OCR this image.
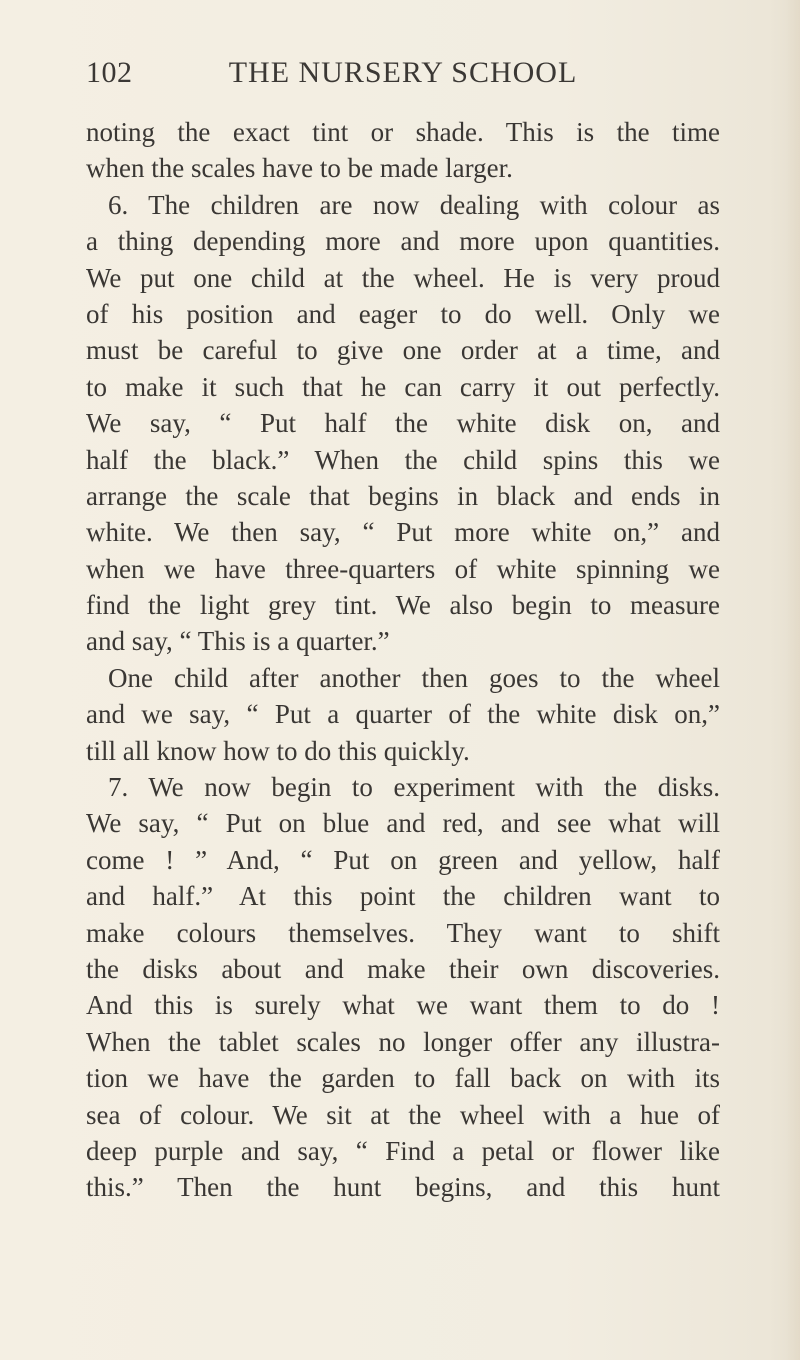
102	THE NURSERY SCHOOL
noting the exact tint or shade. This is the time
when the scales have to be made larger.
6. The children are now dealing with colour as
a thing depending more and more upon quantities.
We put one child at the wheel. He is very proud
of his position and eager to do well. Only we
must be careful to give one order at a time, and
to make it such that he can carry it out perfectly.
We say, “ Put half the white disk on, and
half the black.” When the child spins this we
arrange the scale that begins in black and ends in
white. We then say, “ Put more white on,” and
when we have three-quarters of white spinning we
find the light grey tint. We also begin to measure
and say, “ This is a quarter.”
One child after another then goes to the wheel
and we say, “ Put a quarter of the white disk on,”
till all know how to do this quickly.
7. We now begin to experiment with the disks.
We say, “ Put on blue and red, and see what will
come ! ” And, “ Put on green and yellow, half
and half.” At this point the children want to
make colours themselves. They want to shift
the disks about and make their own discoveries.
And this is surely what we want them to do !
When the tablet scales no longer offer any illustra-
tion we have the garden to fall back on with its
sea of colour. We sit at the wheel with a hue of
deep purple and say, “ Find a petal or flower like
this.” Then the hunt begins, and this hunt
